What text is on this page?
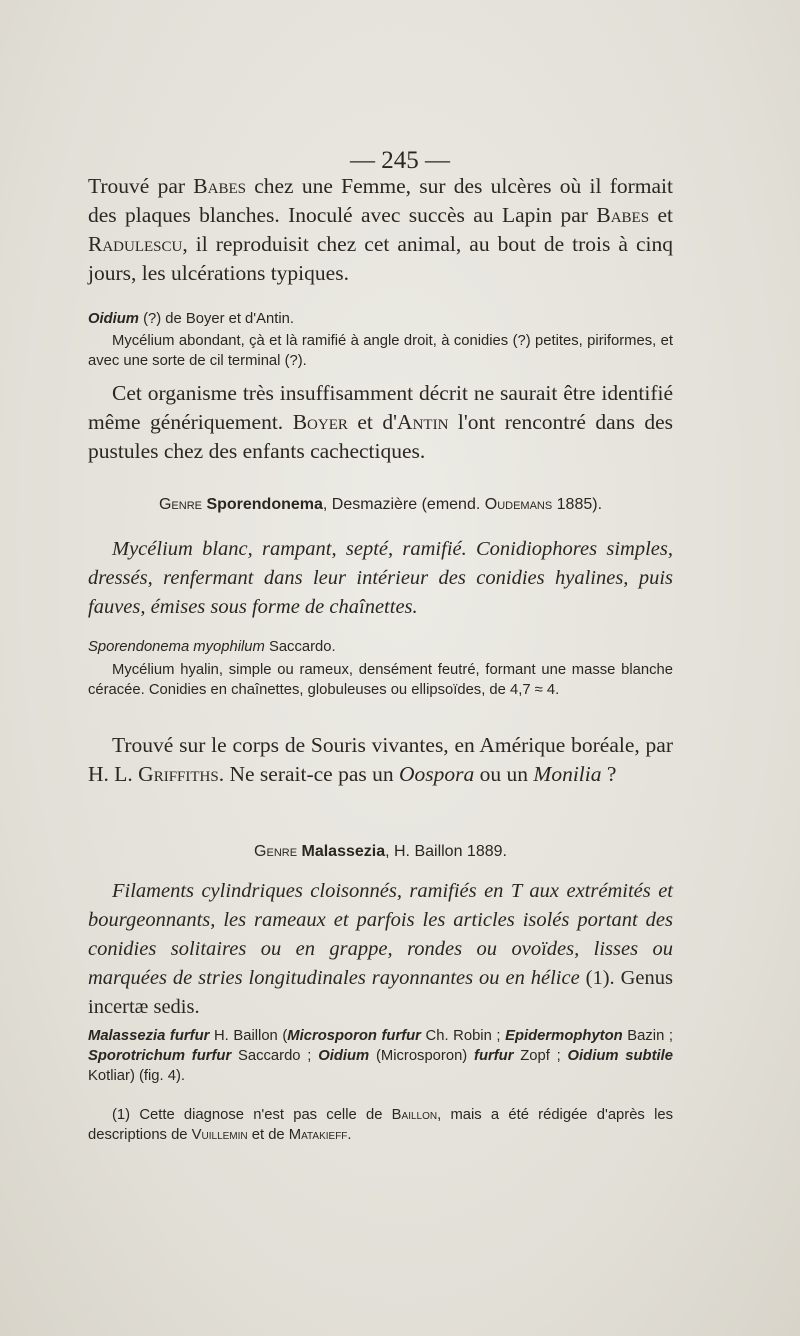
— 245 —

Trouvé par Babes chez une Femme, sur des ulcères où il formait des plaques blanches. Inoculé avec succès au Lapin par Babes et Radulescu, il reproduisit chez cet animal, au bout de trois à cinq jours, les ulcérations typiques.

Oidium (?) de Boyer et d'Antin.

Mycélium abondant, çà et là ramifié à angle droit, à conidies (?) petites, piriformes, et avec une sorte de cil terminal (?).

Cet organisme très insuffisamment décrit ne saurait être identifié même génériquement. Boyer et d'Antin l'ont rencontré dans des pustules chez des enfants cachectiques.

Genre Sporendonema, Desmazière (emend. Oudemans 1885).

Mycélium blanc, rampant, septé, ramifié. Conidiophores simples, dressés, renfermant dans leur intérieur des conidies hyalines, puis fauves, émises sous forme de chaînettes.

Sporendonema myophilum Saccardo.

Mycélium hyalin, simple ou rameux, densément feutré, formant une masse blanche céracée. Conidies en chaînettes, globuleuses ou ellipsoïdes, de 4,7 ≈ 4.

Trouvé sur le corps de Souris vivantes, en Amérique boréale, par H. L. Griffiths. Ne serait-ce pas un Oospora ou un Monilia ?

Genre Malassezia, H. Baillon 1889.

Filaments cylindriques cloisonnés, ramifiés en T aux extrémités et bourgeonnants, les rameaux et parfois les articles isolés portant des conidies solitaires ou en grappe, rondes ou ovoïdes, lisses ou marquées de stries longitudinales rayonnantes ou en hélice (1). Genus incertæ sedis.

Malassezia furfur H. Baillon (Microsporon furfur Ch. Robin ; Epidermophyton Bazin ; Sporotrichum furfur Saccardo ; Oidium (Microsporon) furfur Zopf ; Oidium subtile Kotliar) (fig. 4).

(1) Cette diagnose n'est pas celle de Baillon, mais a été rédigée d'après les descriptions de Vuillemin et de Matakieff.
